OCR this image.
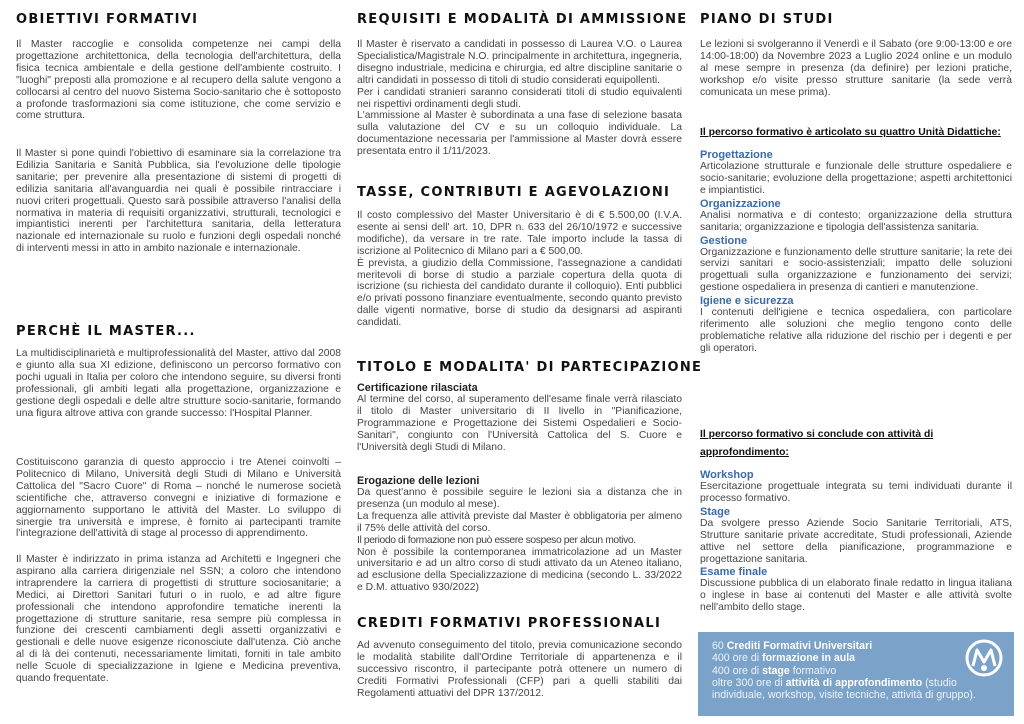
OBIETTIVI FORMATIVI

Il Master raccoglie e consolida competenze nei campi della progettazione architettonica, della tecnologia dell'architettura, della fisica tecnica ambientale e della gestione dell'ambiente costruito. I "luoghi" preposti alla promozione e al recupero della salute vengono a collocarsi al centro del nuovo Sistema Socio-sanitario che è sottoposto a profonde trasformazioni sia come istituzione, che come servizio e come struttura.

Il Master si pone quindi l'obiettivo di esaminare sia la correlazione tra Edilizia Sanitaria e Sanità Pubblica, sia l'evoluzione delle tipologie sanitarie; per prevenire alla presentazione di sistemi di progetti di edilizia sanitaria all'avanguardia nei quali è possibile rintracciare i nuovi criteri progettuali. Questo sarà possibile attraverso l'analisi della normativa in materia di requisiti organizzativi, strutturali, tecnologici e impiantistici inerenti per l'architettura sanitaria, della letteratura nazionale ed internazionale su ruolo e funzioni degli ospedali nonché di interventi messi in atto in ambito nazionale e internazionale.

PERCHÈ IL MASTER...

La multidisciplinarietà e multiprofessionalità del Master, attivo dal 2008 e giunto alla sua XI edizione, definiscono un percorso formativo con pochi uguali in Italia per coloro che intendono seguire, su diversi fronti professionali, gli ambiti legati alla progettazione, organizzazione e gestione degli ospedali e delle altre strutture socio-sanitarie, formando una figura altrove attiva con grande successo: l'Hospital Planner.

Costituiscono garanzia di questo approccio i tre Atenei coinvolti – Politecnico di Milano, Università degli Studi di Milano e Università Cattolica del "Sacro Cuore" di Roma – nonché le numerose società scientifiche che, attraverso convegni e iniziative di formazione e aggiornamento supportano le attività del Master. Lo sviluppo di sinergie tra università e imprese, è fornito ai partecipanti tramite l'integrazione dell'attività di stage al processo di apprendimento.

Il Master è indirizzato in prima istanza ad Architetti e Ingegneri che aspirano alla carriera dirigenziale nel SSN; a coloro che intendono intraprendere la carriera di progettisti di strutture sociosanitarie; a Medici, ai Direttori Sanitari futuri o in ruolo, e ad altre figure professionali che intendono approfondire tematiche inerenti la progettazione di strutture sanitarie, resa sempre più complessa in funzione dei crescenti cambiamenti degli assetti organizzativi e gestionali e delle nuove esigenze riconosciute dall'utenza. Ciò anche al di là dei contenuti, necessariamente limitati, forniti in tale ambito nelle Scuole di specializzazione in Igiene e Medicina preventiva, quando frequentate.

REQUISITI E MODALITÀ DI AMMISSIONE

Il Master è riservato a candidati in possesso di Laurea V.O. o Laurea Specialistica/Magistrale N.O. principalmente in architettura, ingegneria, disegno industriale, medicina e chirurgia, ed altre discipline sanitarie o altri candidati in possesso di titoli di studio considerati equipollenti.

Per i candidati stranieri saranno considerati titoli di studio equivalenti nei rispettivi ordinamenti degli studi.

L'ammissione al Master è subordinata a una fase di selezione basata sulla valutazione del CV e su un colloquio individuale. La documentazione necessaria per l'ammissione al Master dovrà essere presentata entro il 1/11/2023.

TASSE, CONTRIBUTI E AGEVOLAZIONI

Il costo complessivo del Master Universitario è di € 5.500,00 (I.V.A. esente ai sensi dell' art. 10, DPR n. 633 del 26/10/1972 e successive modifiche), da versare in tre rate. Tale importo include la tassa di iscrizione al Politecnico di Milano pari a € 500,00.

È prevista, a giudizio della Commissione, l'assegnazione a candidati meritevoli di borse di studio a parziale copertura della quota di iscrizione (su richiesta del candidato durante il colloquio). Enti pubblici e/o privati possono finanziare eventualmente, secondo quanto previsto dalle vigenti normative, borse di studio da designarsi ad aspiranti candidati.

TITOLO E MODALITA' DI PARTECIPAZIONE
Certificazione rilasciata

Al termine del corso, al superamento dell'esame finale verrà rilasciato il titolo di Master universitario di II livello in "Pianificazione, Programmazione e Progettazione dei Sistemi Ospedalieri e Socio-Sanitari", congiunto con l'Università Cattolica del S. Cuore e l'Università degli Studi di Milano.

Erogazione delle lezioni

Da quest'anno è possibile seguire le lezioni sia a distanza che in presenza (un modulo al mese).

La frequenza alle attività previste dal Master è obbligatoria per almeno il 75% delle attività del corso.

Il periodo di formazione non può essere sospeso per alcun motivo.

Non è possibile la contemporanea immatricolazione ad un Master universitario e ad un altro corso di studi attivato da un Ateneo italiano, ad esclusione della Specializzazione di medicina (secondo L. 33/2022 e D.M. attuativo 930/2022)

CREDITI FORMATIVI PROFESSIONALI

Ad avvenuto conseguimento del titolo, previa comunicazione secondo le modalità stabilite dall'Ordine Territoriale di appartenenza e il successivo riscontro, il partecipante potrà ottenere un numero di Crediti Formativi Professionali (CFP) pari a quelli stabiliti dai Regolamenti attuativi del DPR 137/2012.

PIANO DI STUDI

Le lezioni si svolgeranno il Venerdì e il Sabato (ore 9:00-13:00 e ore 14:00-18:00) da Novembre 2023 a Luglio 2024 online e un modulo al mese sempre in presenza (da definire) per lezioni pratiche, workshop e/o visite presso strutture sanitarie (la sede verrà comunicata un mese prima).

Il percorso formativo è articolato su quattro Unità Didattiche:
Progettazione

Articolazione strutturale e funzionale delle strutture ospedaliere e socio-sanitarie; evoluzione della progettazione; aspetti architettonici e impiantistici.

Organizzazione

Analisi normativa e di contesto; organizzazione della struttura sanitaria; organizzazione e tipologia dell'assistenza sanitaria.

Gestione

Organizzazione e funzionamento delle strutture sanitarie; la rete dei servizi sanitari e socio-assistenziali; impatto delle soluzioni progettuali sulla organizzazione e funzionamento dei servizi; gestione ospedaliera in presenza di cantieri e manutenzione.

Igiene e sicurezza

I contenuti dell'igiene e tecnica ospedaliera, con particolare riferimento alle soluzioni che meglio tengono conto delle problematiche relative alla riduzione del rischio per i degenti e per gli operatori.

Il percorso formativo si conclude con attività di approfondimento:
Workshop

Esercitazione progettuale integrata su temi individuati durante il processo formativo.

Stage

Da svolgere presso Aziende Socio Sanitarie Territoriali, ATS, Strutture sanitarie private accreditate, Studi professionali, Aziende attive nel settore della pianificazione, programmazione e progettazione sanitaria.

Esame finale

Discussione pubblica di un elaborato finale redatto in lingua italiana o inglese in base ai contenuti del Master e alle attività svolte nell'ambito dello stage.

60 Crediti Formativi Universitari

400 ore di formazione in aula

400 ore di stage formativo

oltre 300 ore di attività di approfondimento (studio individuale, workshop, visite tecniche, attività di gruppo).
